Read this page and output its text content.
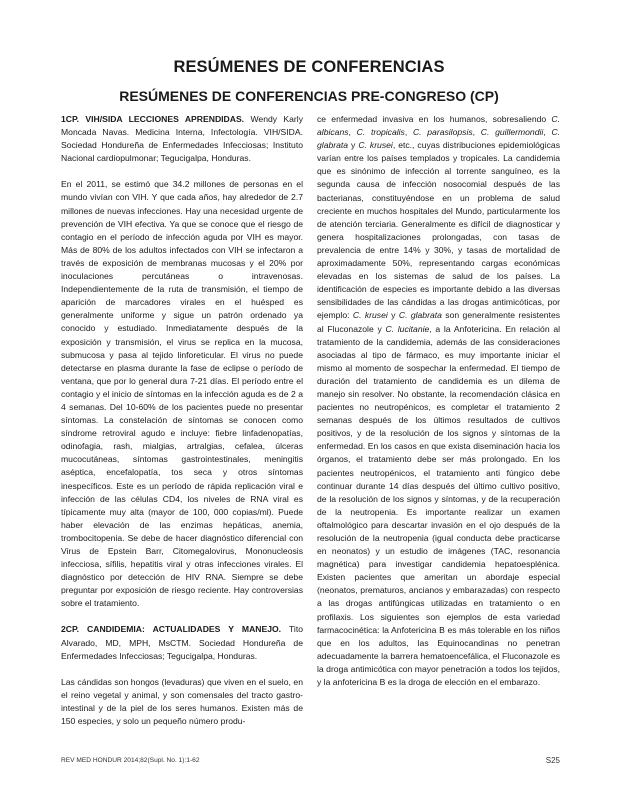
RESÚMENES DE CONFERENCIAS
RESÚMENES DE CONFERENCIAS PRE-CONGRESO (CP)

1CP. VIH/SIDA LECCIONES APRENDIDAS. Wendy Karly Moncada Navas. Medicina Interna, Infectología. VIH/SIDA. Sociedad Hondureña de Enfermedades Infecciosas; Instituto Nacional cardiopulmonar; Tegucigalpa, Honduras.

En el 2011, se estimó que 34.2 millones de personas en el mundo vivían con VIH. Y que cada años, hay alrededor de 2.7 millones de nuevas infecciones. Hay una necesidad urgente de prevención de VIH efectiva. Ya que se conoce que el riesgo de contagio en el período de infección aguda por VIH es mayor. Más de 80% de los adultos infectados con VIH se infectaron a través de exposición de membranas mucosas y el 20% por inoculaciones percutáneas o intravenosas. Independientemente de la ruta de transmisión, el tiempo de aparición de marcadores virales en el huésped es generalmente uniforme y sigue un patrón ordenado ya conocido y estudiado. Inmediatamente después de la exposición y transmisión, el virus se replica en la mucosa, submucosa y pasa al tejido linforeticular. El virus no puede detectarse en plasma durante la fase de eclipse o período de ventana, que por lo general dura 7-21 días. El período entre el contagio y el inicio de síntomas en la infección aguda es de 2 a 4 semanas. Del 10-60% de los pacientes puede no presentar síntomas. La constelación de síntomas se conocen como síndrome retroviral agudo e incluye: fiebre linfadenopatías, odinofagia, rash, mialgias, artralgias, cefalea, úlceras mucocutáneas, síntomas gastrointestinales, meningitis aséptica, encefalopatía, tos seca y otros síntomas inespecíficos. Este es un período de rápida replicación viral e infección de las células CD4, los niveles de RNA viral es típicamente muy alta (mayor de 100, 000 copias/ml). Puede haber elevación de las enzimas hepáticas, anemia, trombocitopenia. Se debe de hacer diagnóstico diferencial con Virus de Epstein Barr, Citomegalovirus, Mononucleosis infecciosa, sífilis, hepatitis viral y otras infecciones virales. El diagnóstico por detección de HIV RNA. Siempre se debe preguntar por exposición de riesgo reciente. Hay controversias sobre el tratamiento.

2CP. CANDIDEMIA: ACTUALIDADES Y MANEJO. Tito Alvarado, MD, MPH, MsCTM. Sociedad Hondureña de Enfermedades Infecciosas; Tegucigalpa, Honduras.

Las cándidas son hongos (levaduras) que viven en el suelo, en el reino vegetal y animal, y son comensales del tracto gastro-intestinal y de la piel de los seres humanos. Existen más de 150 especies, y solo un pequeño número produ-

ce enfermedad invasiva en los humanos, sobresaliendo C. albicans, C. tropicalis, C. parasilopsis, C. guillermondii, C. glabrata y C. krusei, etc., cuyas distribuciones epidemiológicas varían entre los países templados y tropicales. La candidemia que es sinónimo de infección al torrente sanguíneo, es la segunda causa de infección nosocomial después de las bacterianas, constituyéndose en un problema de salud creciente en muchos hospitales del Mundo, particularmente los de atención terciaria. Generalmente es difícil de diagnosticar y genera hospitalizaciones prolongadas, con tasas de prevalencia de entre 14% y 30%, y tasas de mortalidad de aproximadamente 50%, representando cargas económicas elevadas en los sistemas de salud de los países. La identificación de especies es importante debido a las diversas sensibilidades de las cándidas a las drogas antimicóticas, por ejemplo: C. krusei y C. glabrata son generalmente resistentes al Fluconazole y C. lucitanie, a la Anfotericina. En relación al tratamiento de la candidemia, además de las consideraciones asociadas al tipo de fármaco, es muy importante iniciar el mismo al momento de sospechar la enfermedad. El tiempo de duración del tratamiento de candidemia es un dilema de manejo sin resolver. No obstante, la recomendación clásica en pacientes no neutropénicos, es completar el tratamiento 2 semanas después de los últimos resultados de cultivos positivos, y de la resolución de los signos y síntomas de la enfermedad. En los casos en que exista diseminación hacia los órganos, el tratamiento debe ser más prolongado. En los pacientes neutropénicos, el tratamiento anti fúngico debe continuar durante 14 días después del último cultivo positivo, de la resolución de los signos y síntomas, y de la recuperación de la neutropenia. Es importante realizar un examen oftalmológico para descartar invasión en el ojo después de la resolución de la neutropenia (igual conducta debe practicarse en neonatos) y un estudio de imágenes (TAC, resonancia magnética) para investigar candidemia hepatoesplénica. Existen pacientes que ameritan un abordaje especial (neonatos, prematuros, ancianos y embarazadas) con respecto a las drogas antifúngicas utilizadas en tratamiento o en profilaxis. Los siguientes son ejemplos de esta variedad farmacocinética: la Anfotericina B es más tolerable en los niños que en los adultos, las Equinocandinas no penetran adecuadamente la barrera hematoencefálica, el Fluconazole es la droga antimicótica con mayor penetración a todos los tejidos, y la anfotericina B es la droga de elección en el embarazo.

REV MED HONDUR 2014;82(Supl. No. 1):1-62	S25
